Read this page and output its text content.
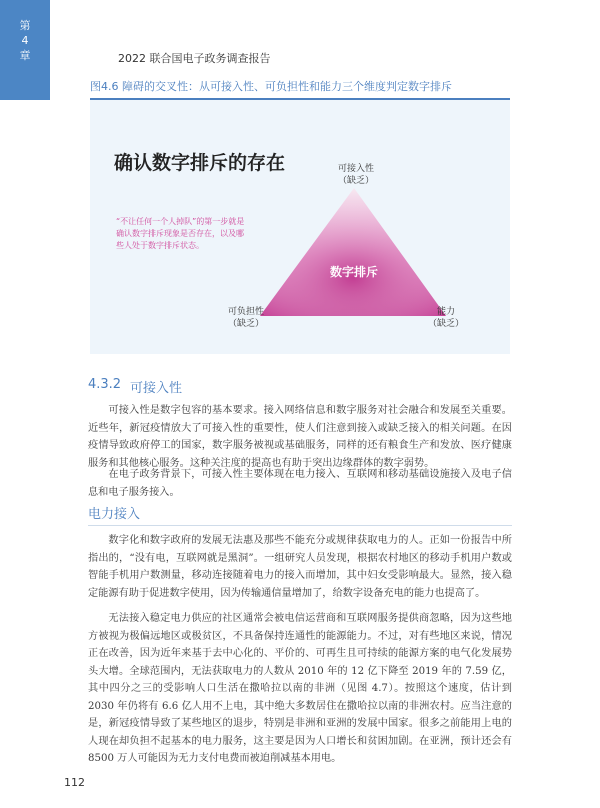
第
4
章	2022 联合国电子政务调查报告
图4.6 障碍的交叉性：从可接入性、可负担性和能力三个维度判定数字排斥
确认数字排斥的存在
“不让任何一个人掉队”的第一步就是确认数字排斥现象是否存在，以及哪些人处于数字排斥状态。
可接入性
（缺乏）
可负担性
（缺乏）
能力
（缺乏）
数字排斥
4.3.2 可接入性

可接入性是数字包容的基本要求。接入网络信息和数字服务对社会融合和发展至关重要。近些年，新冠疫情放大了可接入性的重要性，使人们注意到接入或缺乏接入的相关问题。在因疫情导致政府停工的国家，数字服务被视或基础服务，同样的还有粮食生产和发放、医疗健康服务和其他核心服务。这种关注度的提高也有助于突出边缘群体的数字弱势。

在电子政务背景下，可接入性主要体现在电力接入、互联网和移动基础设施接入及电子信息和电子服务接入。

电力接入

数字化和数字政府的发展无法惠及那些不能充分或规律获取电力的人。正如一份报告中所指出的，“没有电，互联网就是黑洞”。一组研究人员发现，根据农村地区的移动手机用户数或智能手机用户数测量，移动连接随着电力的接入而增加，其中妇女受影响最大。显然，接入稳定能源有助于促进数字使用，因为传输通信量增加了，给数字设备充电的能力也提高了。

无法接入稳定电力供应的社区通常会被电信运营商和互联网服务提供商忽略，因为这些地方被视为极偏远地区或极贫区，不具备保持连通性的能源能力。不过，对有些地区来说，情况正在改善，因为近年来基于去中心化的、平价的、可再生且可持续的能源方案的电气化发展势头大增。全球范围内，无法获取电力的人数从 2010 年的 12 亿下降至 2019 年的 7.59 亿，其中四分之三的受影响人口生活在撒哈拉以南的非洲（见图 4.7）。按照这个速度，估计到 2030 年仍将有 6.6 亿人用不上电，其中绝大多数居住在撒哈拉以南的非洲农村。应当注意的是，新冠疫情导致了某些地区的退步，特别是非洲和亚洲的发展中国家。很多之前能用上电的人现在却负担不起基本的电力服务，这主要是因为人口增长和贫困加剧。在亚洲，预计还会有 8500 万人可能因为无力支付电费而被迫削减基本用电。

112
